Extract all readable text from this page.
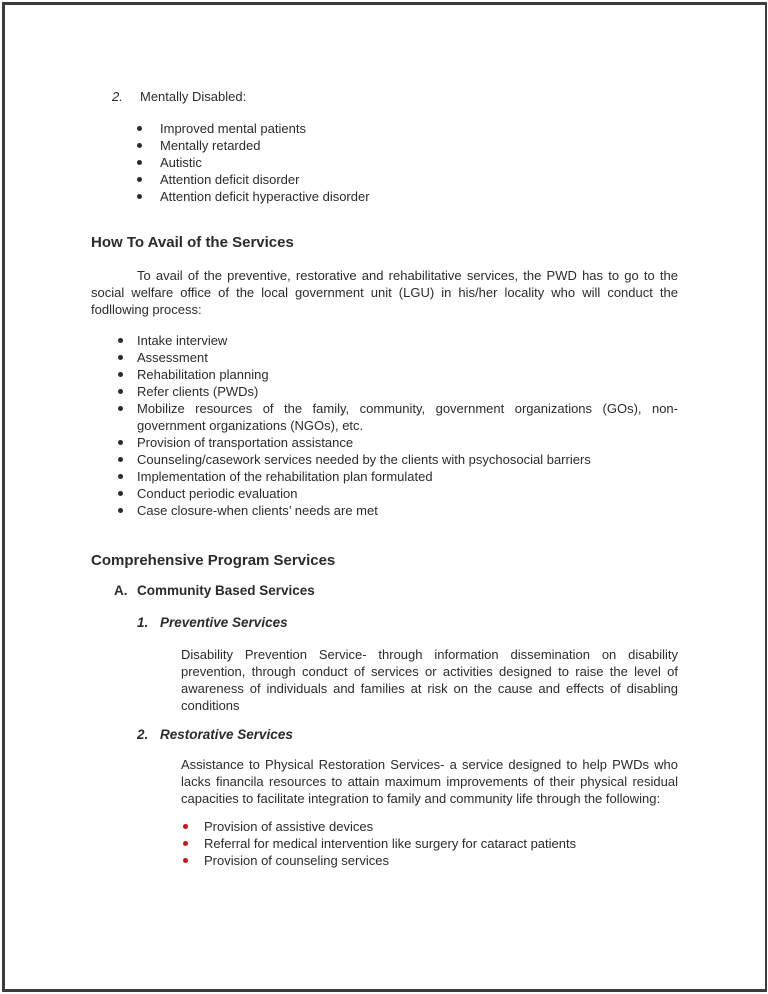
2.	Mentally Disabled:
Improved mental patients
Mentally retarded
Autistic
Attention deficit disorder
Attention deficit hyperactive disorder
How To Avail of the Services

To avail of the preventive, restorative and rehabilitative services, the PWD has to go to the social welfare office of the local government unit (LGU) in his/her locality who will conduct the fodllowing process:

Intake interview
Assessment
Rehabilitation planning
Refer clients (PWDs)
Mobilize resources of the family, community, government organizations (GOs), non-government organizations (NGOs), etc.
Provision of transportation assistance
Counseling/casework services needed by the clients with psychosocial barriers
Implementation of the rehabilitation plan formulated
Conduct periodic evaluation
Case closure-when clients’ needs are met
Comprehensive Program Services
A. Community Based Services
1. Preventive Services

Disability Prevention Service- through information dissemination on disability prevention, through conduct of services or activities designed to raise the level of awareness of individuals and families at risk on the cause and effects of disabling conditions

2. Restorative Services

Assistance to Physical Restoration Services- a service designed to help PWDs who lacks financila resources to attain maximum improvements of their physical residual capacities to facilitate integration to family and community life through the following:

Provision of assistive devices
Referral for medical intervention like surgery for cataract patients
Provision of counseling services
